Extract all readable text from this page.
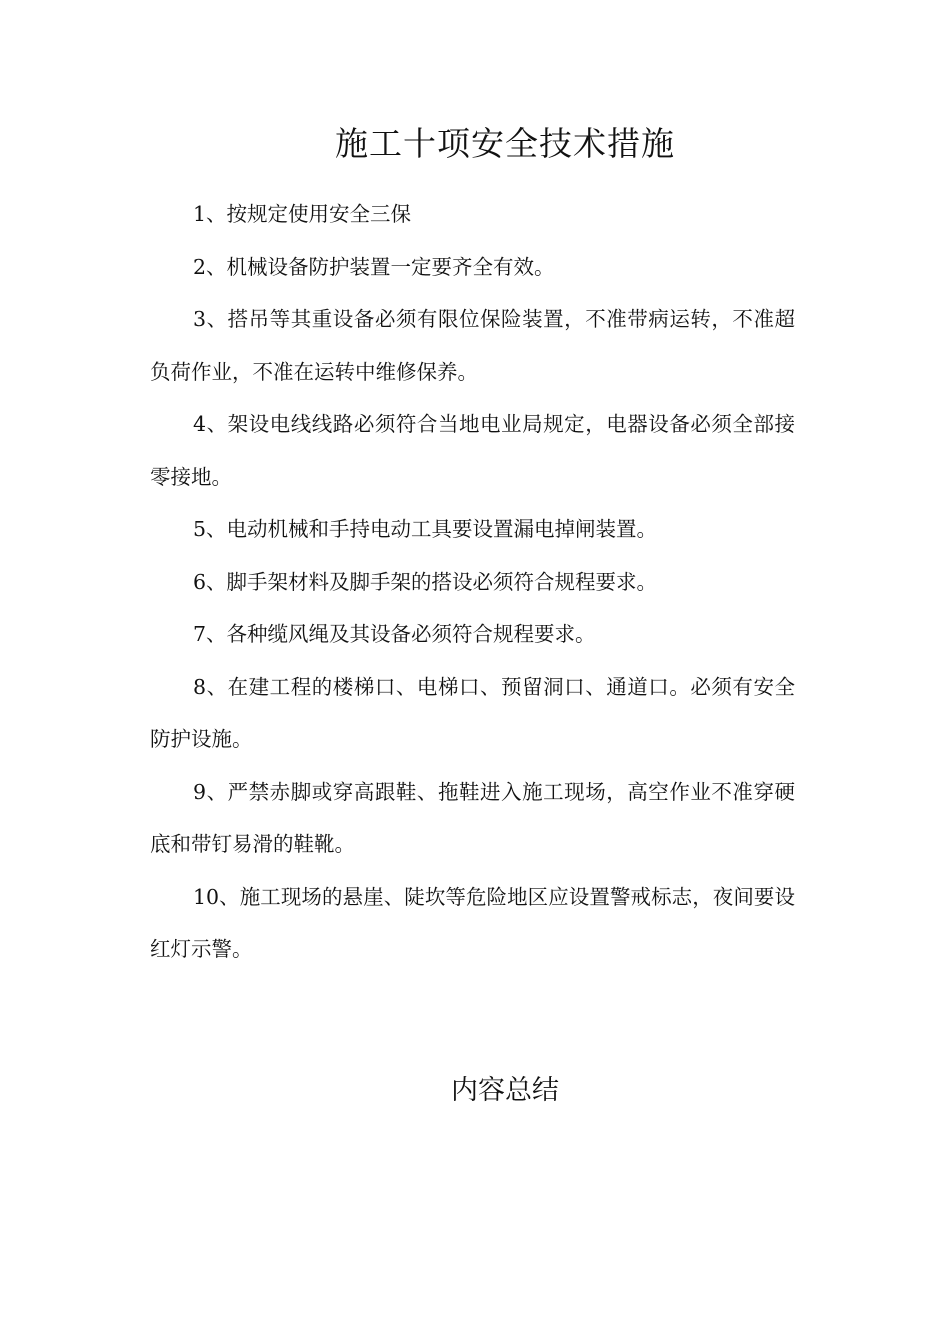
施工十项安全技术措施
1、按规定使用安全三保
2、机械设备防护装置一定要齐全有效。
3、搭吊等其重设备必须有限位保险装置，不准带病运转，不准超负荷作业，不准在运转中维修保养。
4、架设电线线路必须符合当地电业局规定，电器设备必须全部接零接地。
5、电动机械和手持电动工具要设置漏电掉闸装置。
6、脚手架材料及脚手架的搭设必须符合规程要求。
7、各种缆风绳及其设备必须符合规程要求。
8、在建工程的楼梯口、电梯口、预留洞口、通道口。必须有安全防护设施。
9、严禁赤脚或穿高跟鞋、拖鞋进入施工现场，高空作业不准穿硬底和带钉易滑的鞋靴。
10、施工现场的悬崖、陡坎等危险地区应设置警戒标志，夜间要设红灯示警。
内容总结
